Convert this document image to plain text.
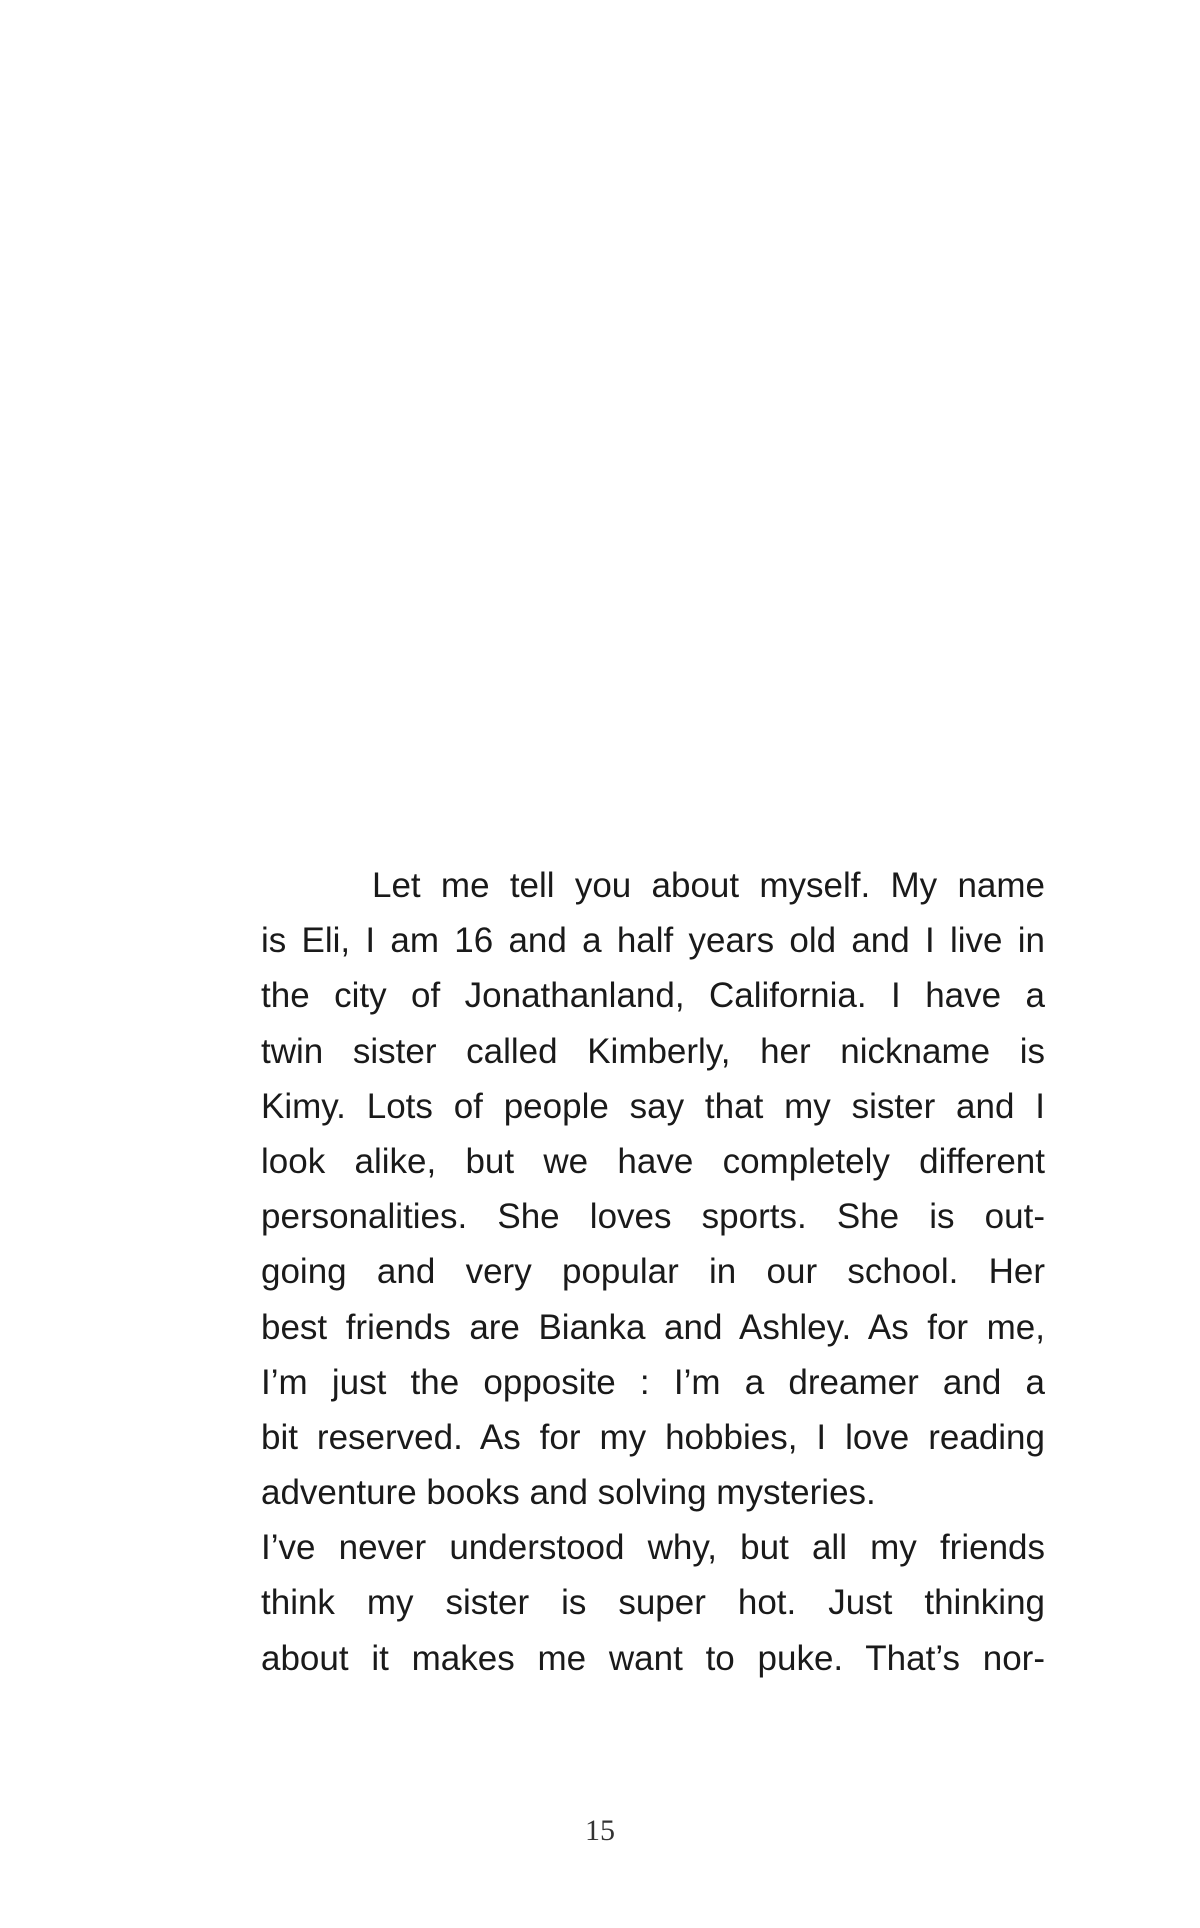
Let me tell you about myself. My name
is Eli, I am 16 and a half years old and I live in
the city of Jonathanland, California. I have a
twin sister called Kimberly, her nickname is
Kimy. Lots of people say that my sister and I
look alike, but we have completely different
personalities. She loves sports. She is out-
going and very popular in our school. Her
best friends are Bianka and Ashley. As for me,
I’m just the opposite : I’m a dreamer and a
bit reserved. As for my hobbies, I love reading
adventure books and solving mysteries.
I’ve never understood why, but all my friends
think my sister is super hot. Just thinking
about it makes me want to puke. That’s nor-
15
